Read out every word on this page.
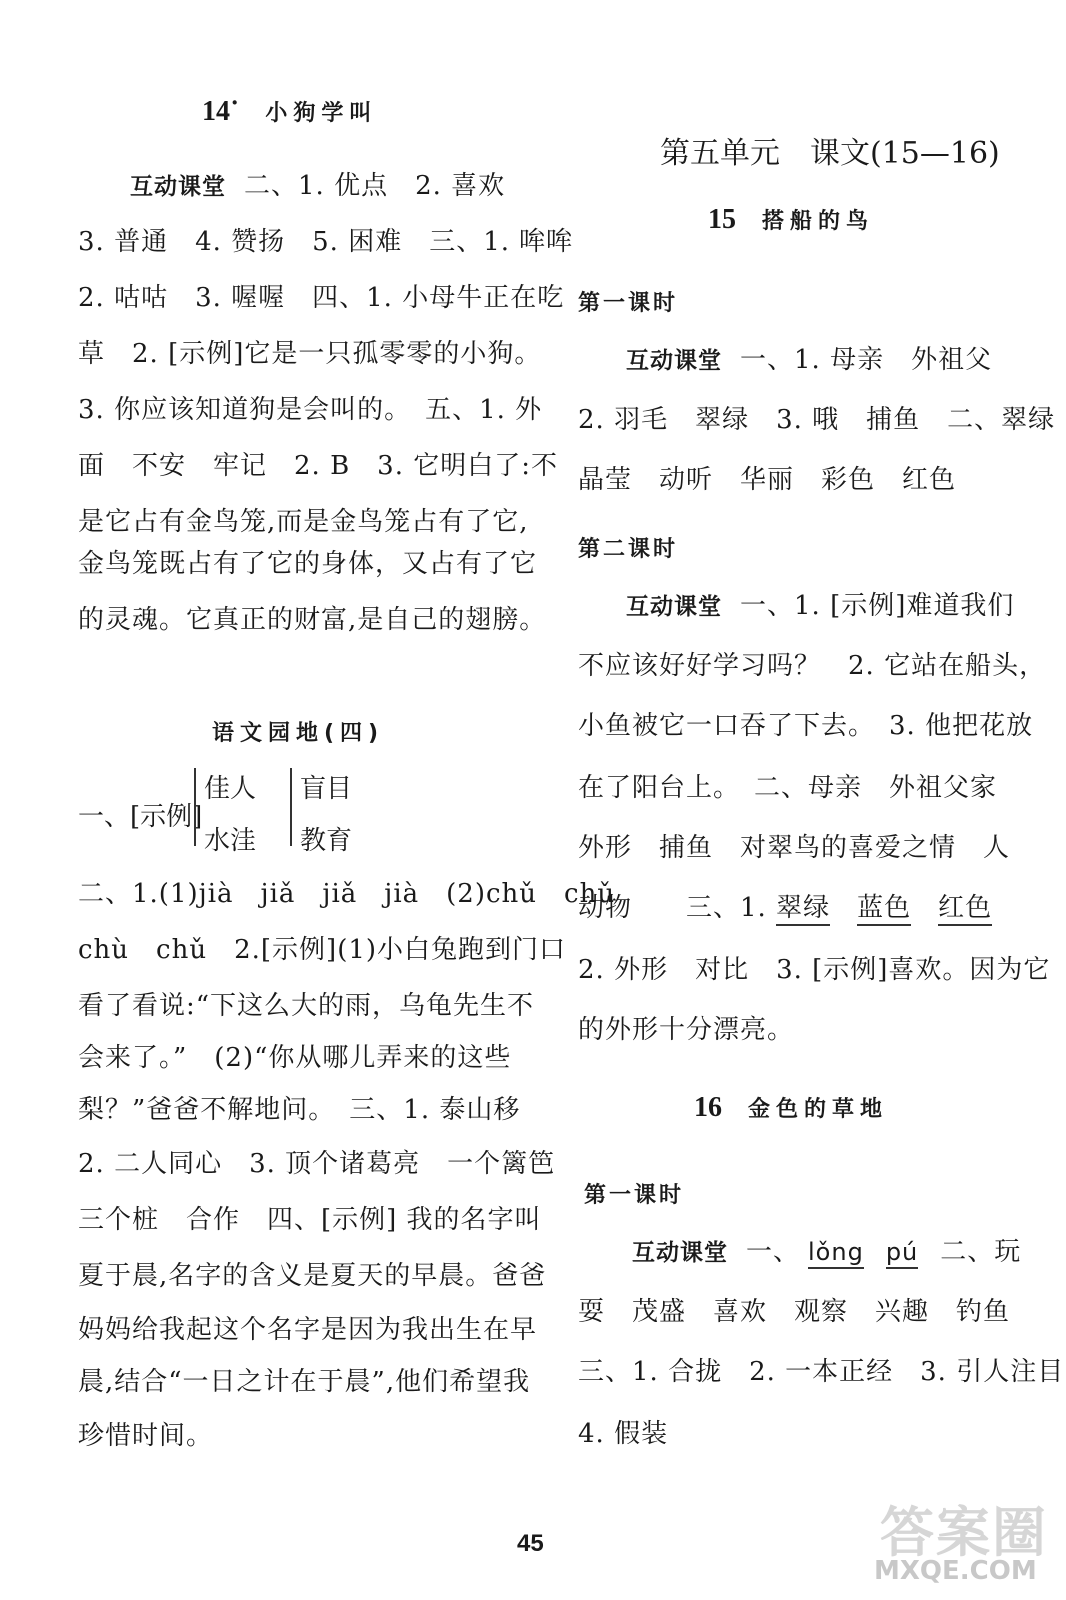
14˙ 小狗学叫
互动课堂 二、1. 优点　2. 喜欢
3. 普通　4. 赞扬　5. 困难　三、1. 哞哞
2. 咕咕　3. 喔喔　四、1. 小母牛正在吃
草　2. [示例]它是一只孤零零的小狗。
3. 你应该知道狗是会叫的。　五、1. 外
面　不安　牢记　2. B　3. 它明白了:不
是它占有金鸟笼,而是金鸟笼占有了它,
金鸟笼既占有了它的身体，又占有了它
的灵魂。它真正的财富,是自己的翅膀。
语文园地(四)
一、[示例]
佳人
水洼
盲目
教育
二、1.(1)jià　jiǎ　jiǎ　jià　(2)chǔ　chǔ
chù　chǔ　2.[示例](1)小白兔跑到门口
看了看说:“下这么大的雨，乌龟先生不
会来了。”　(2)“你从哪儿弄来的这些
梨？”爸爸不解地问。　三、1. 泰山移
2. 二人同心　3. 顶个诸葛亮　一个篱笆
三个桩　合作　四、[示例] 我的名字叫
夏于晨,名字的含义是夏天的早晨。爸爸
妈妈给我起这个名字是因为我出生在早
晨,结合“一日之计在于晨”,他们希望我
珍惜时间。
第五单元　课文(15—16)
15 搭船的鸟
第一课时
互动课堂 一、1. 母亲　外祖父
2. 羽毛　翠绿　3. 哦　捕鱼　二、翠绿
晶莹　动听　华丽　彩色　红色
第二课时
互动课堂 一、1. [示例]难道我们
不应该好好学习吗？　2. 它站在船头，
小鱼被它一口吞了下去。　3. 他把花放
在了阳台上。　二、母亲　外祖父家
外形　捕鱼　对翠鸟的喜爱之情　人
动物　　三、1. 翠绿　 蓝色　 红色
2. 外形　对比　3. [示例]喜欢。因为它
的外形十分漂亮。
16 金色的草地
第一课时
互动课堂 一、 lǒng pú 二、玩
耍　茂盛　喜欢　观察　兴趣　钓鱼
三、1. 合拢　2. 一本正经　3. 引人注目
4. 假装
45	答案圈
MXQE.COM
